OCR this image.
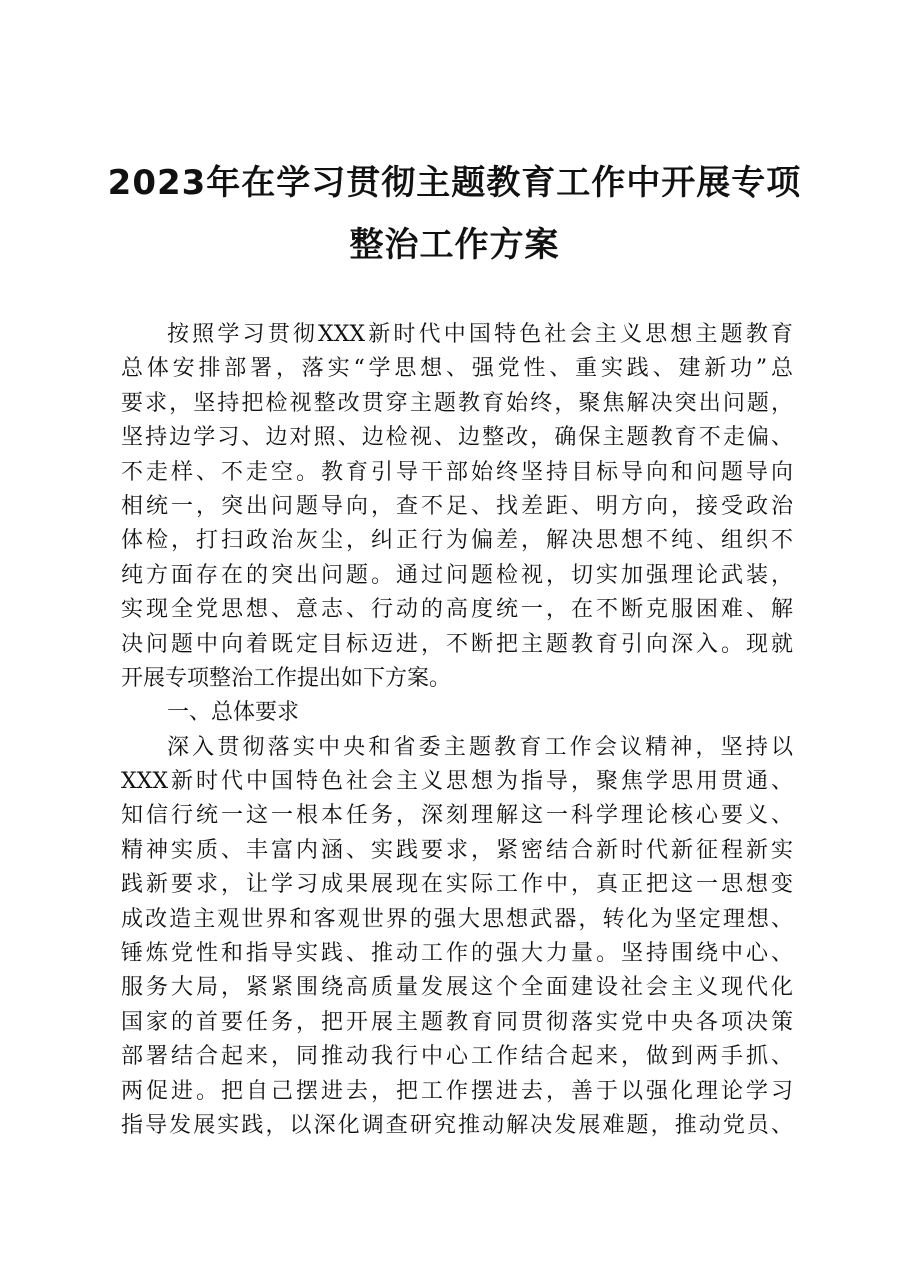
2023年在学习贯彻主题教育工作中开展专项
整治工作方案
按照学习贯彻XXX新时代中国特色社会主义思想主题教育
总体安排部署，落实“学思想、强党性、重实践、建新功”总
要求，坚持把检视整改贯穿主题教育始终，聚焦解决突出问题，
坚持边学习、边对照、边检视、边整改，确保主题教育不走偏、
不走样、不走空。教育引导干部始终坚持目标导向和问题导向
相统一，突出问题导向，查不足、找差距、明方向，接受政治
体检，打扫政治灰尘，纠正行为偏差，解决思想不纯、组织不
纯方面存在的突出问题。通过问题检视，切实加强理论武装，
实现全党思想、意志、行动的高度统一，在不断克服困难、解
决问题中向着既定目标迈进，不断把主题教育引向深入。现就
开展专项整治工作提出如下方案。
一、总体要求
深入贯彻落实中央和省委主题教育工作会议精神，坚持以
XXX新时代中国特色社会主义思想为指导，聚焦学思用贯通、
知信行统一这一根本任务，深刻理解这一科学理论核心要义、
精神实质、丰富内涵、实践要求，紧密结合新时代新征程新实
践新要求，让学习成果展现在实际工作中，真正把这一思想变
成改造主观世界和客观世界的强大思想武器，转化为坚定理想、
锤炼党性和指导实践、推动工作的强大力量。坚持围绕中心、
服务大局，紧紧围绕高质量发展这个全面建设社会主义现代化
国家的首要任务，把开展主题教育同贯彻落实党中央各项决策
部署结合起来，同推动我行中心工作结合起来，做到两手抓、
两促进。把自己摆进去，把工作摆进去，善于以强化理论学习
指导发展实践，以深化调查研究推动解决发展难题，推动党员、
